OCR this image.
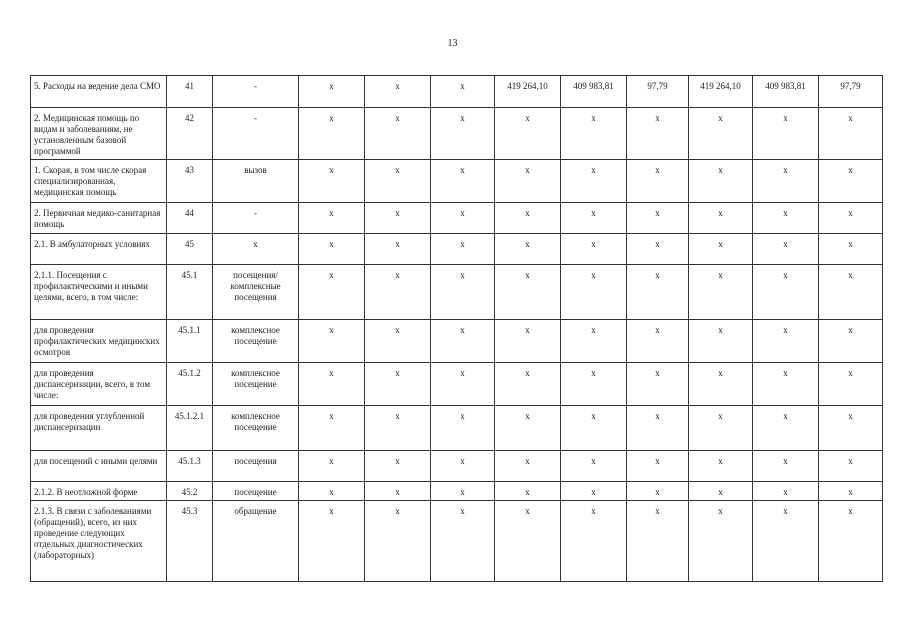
13
5. Расходы на ведение дела СМО	41	-	x	x	x	419 264,10	409 983,81	97,79	419 264,10	409 983,81	97,79
2. Медицинская помощь по видам и заболеваниям, не установленным базовой программой	42	-	x	x	x	x	x	x	x	x	x
1. Скорая, в том числе скорая специализированная, медицинская помощь	43	вызов	x	x	x	x	x	x	x	x	x
2. Первичная медико-санитарная помощь	44	-	x	x	x	x	x	x	x	x	x
2.1. В амбулаторных условиях	45	x	x	x	x	x	x	x	x	x	x
2.1.1. Посещения с профилактическими и иными целями, всего, в том числе:	45.1	посещения/ комплексные посещения	x	x	x	x	x	x	x	x	x
для проведения профилактических медицинских осмотров	45.1.1	комплексное посещение	x	x	x	x	x	x	x	x	x
для проведения диспансеризации, всего, в том числе:	45.1.2	комплексное посещение	x	x	x	x	x	x	x	x	x
для проведения углубленной диспансеризации	45.1.2.1	комплексное посещение	x	x	x	x	x	x	x	x	x
для посещений с иными целями	45.1.3	посещения	x	x	x	x	x	x	x	x	x
2.1.2. В неотложной форме	45.2	посещение	x	x	x	x	x	x	x	x	x
2.1.3. В связи с заболеваниями (обращений), всего, из них проведение следующих отдельных диагностических (лабораторных)	45.3	обращение	x	x	x	x	x	x	x	x	x
